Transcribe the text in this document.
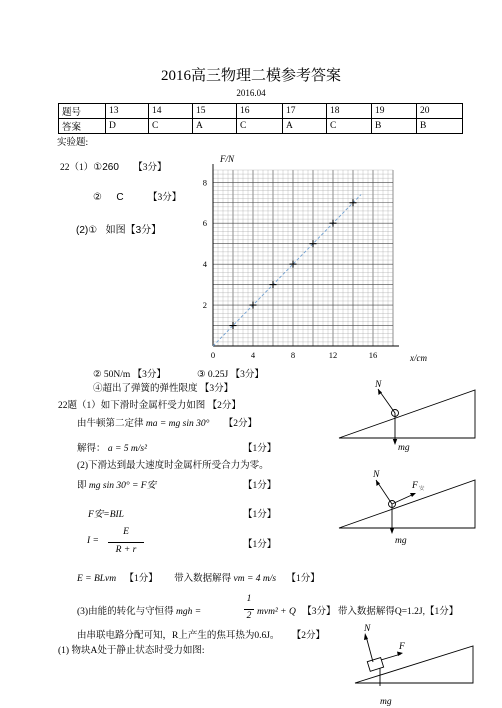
2016高三物理二模参考答案
2016.04
题号	13	14	15	16	17	18	19	20
答案	D	C	A	C	A	C	B	B
实验题:
22（1）①260 【3分】
② C	【3分】
(2)① 如图【3分】
F/N
x/cm
2
4
6
8
0	4	8	12	16
② 50N/m 【3分】	③ 0.25J 【3分】
④超出了弹簧的弹性限度 【3分】
22题（1）如下滑时金属杆受力如图 【2分】
由牛顿第二定律 ma = mg sin 30° 【2分】
解得： a = 5 m/s²	【1分】
(2)下滑达到最大速度时金属杆所受合力为零。
即 mg sin 30° = F安	【1分】
F安=BIL	【1分】
I =
E
R + r	【1分】
E = BLvm 【1分】 带入数据解得 vm = 4 m/s 【1分】
(3)由能的转化与守恒得 mgh =
1
2 mvm² + Q 【3分】 带入数据解得Q=1.2J,【1分】
由串联电路分配可知，R上产生的焦耳热为0.6J。 【2分】
(1) 物块A处于静止状态时受力如图:
N
mg
N
F 安
mg
N
F
mg
